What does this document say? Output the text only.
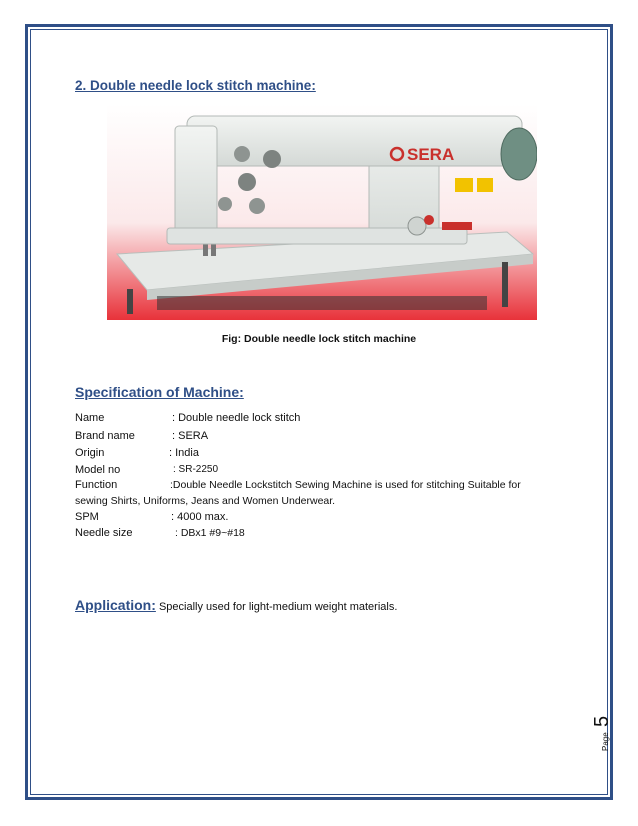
2. Double needle lock stitch machine:
SERA
Fig: Double needle lock stitch machine
Specification of Machine:
Name	: Double needle lock stitch
Brand name	: SERA
Origin	: India
Model no	: SR-2250
Function	:Double Needle Lockstitch Sewing Machine is used for stitching Suitable for
sewing Shirts, Uniforms, Jeans and Women Underwear.
SPM	: 4000 max.
Needle size	: DBx1 #9~#18
Application: Specially used for light-medium weight materials.
Page
5
